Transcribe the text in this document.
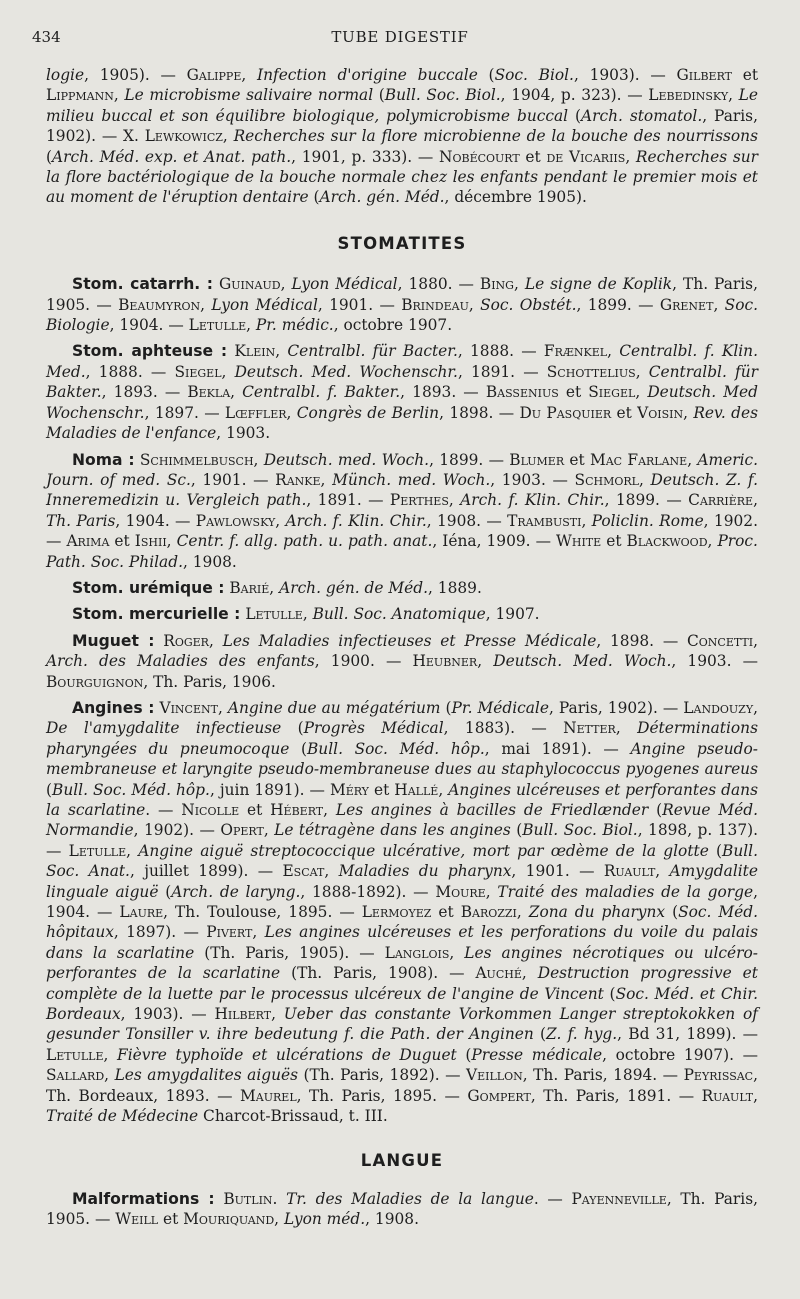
434	TUBE DIGESTIF

logie, 1905). — Galippe, Infection d'origine buccale (Soc. Biol., 1903). — Gilbert et Lippmann, Le microbisme salivaire normal (Bull. Soc. Biol., 1904, p. 323). — Lebedinsky, Le milieu buccal et son équilibre biologique, polymicrobisme buccal (Arch. stomatol., Paris, 1902). — X. Lewkowicz, Recherches sur la flore microbienne de la bouche des nourrissons (Arch. Méd. exp. et Anat. path., 1901, p. 333). — Nobécourt et de Vicariis, Recherches sur la flore bactériologique de la bouche normale chez les enfants pendant le premier mois et au moment de l'éruption dentaire (Arch. gén. Méd., décembre 1905).

STOMATITES

Stom. catarrh. : Guinaud, Lyon Médical, 1880. — Bing, Le signe de Koplik, Th. Paris, 1905. — Beaumyron, Lyon Médical, 1901. — Brindeau, Soc. Obstét., 1899. — Grenet, Soc. Biologie, 1904. — Letulle, Pr. médic., octobre 1907.

Stom. aphteuse : Klein, Centralbl. für Bacter., 1888. — Frænkel, Centralbl. f. Klin. Med., 1888. — Siegel, Deutsch. Med. Wochenschr., 1891. — Schottelius, Centralbl. für Bakter., 1893. — Bekla, Centralbl. f. Bakter., 1893. — Bassenius et Siegel, Deutsch. Med Wochenschr., 1897. — Lœffler, Congrès de Berlin, 1898. — Du Pasquier et Voisin, Rev. des Maladies de l'enfance, 1903.

Noma : Schimmelbusch, Deutsch. med. Woch., 1899. — Blumer et Mac Farlane, Americ. Journ. of med. Sc., 1901. — Ranke, Münch. med. Woch., 1903. — Schmorl, Deutsch. Z. f. Inneremedizin u. Vergleich path., 1891. — Perthes, Arch. f. Klin. Chir., 1899. — Carrière, Th. Paris, 1904. — Pawlowsky, Arch. f. Klin. Chir., 1908. — Trambusti, Policlin. Rome, 1902. — Arima et Ishii, Centr. f. allg. path. u. path. anat., Iéna, 1909. — White et Blackwood, Proc. Path. Soc. Philad., 1908.

Stom. urémique : Barié, Arch. gén. de Méd., 1889.

Stom. mercurielle : Letulle, Bull. Soc. Anatomique, 1907.

Muguet : Roger, Les Maladies infectieuses et Presse Médicale, 1898. — Concetti, Arch. des Maladies des enfants, 1900. — Heubner, Deutsch. Med. Woch., 1903. — Bourguignon, Th. Paris, 1906.

Angines : Vincent, Angine due au mégatérium (Pr. Médicale, Paris, 1902). — Landouzy, De l'amygdalite infectieuse (Progrès Médical, 1883). — Netter, Déterminations pharyngées du pneumocoque (Bull. Soc. Méd. hôp., mai 1891). — Angine pseudo-membraneuse et laryngite pseudo-membraneuse dues au staphylococcus pyogenes aureus (Bull. Soc. Méd. hôp., juin 1891). — Méry et Hallé, Angines ulcéreuses et perforantes dans la scarlatine. — Nicolle et Hébert, Les angines à bacilles de Friedlænder (Revue Méd. Normandie, 1902). — Opert, Le tétragène dans les angines (Bull. Soc. Biol., 1898, p. 137). — Letulle, Angine aiguë streptococcique ulcérative, mort par œdème de la glotte (Bull. Soc. Anat., juillet 1899). — Escat, Maladies du pharynx, 1901. — Ruault, Amygdalite linguale aiguë (Arch. de laryng., 1888-1892). — Moure, Traité des maladies de la gorge, 1904. — Laure, Th. Toulouse, 1895. — Lermoyez et Barozzi, Zona du pharynx (Soc. Méd. hôpitaux, 1897). — Pivert, Les angines ulcéreuses et les perforations du voile du palais dans la scarlatine (Th. Paris, 1905). — Langlois, Les angines nécrotiques ou ulcéro-perforantes de la scarlatine (Th. Paris, 1908). — Auché, Destruction progressive et complète de la luette par le processus ulcéreux de l'angine de Vincent (Soc. Méd. et Chir. Bordeaux, 1903). — Hilbert, Ueber das constante Vorkommen Langer streptokokken of gesunder Tonsiller v. ihre bedeutung f. die Path. der Anginen (Z. f. hyg., Bd 31, 1899). — Letulle, Fièvre typhoïde et ulcérations de Duguet (Presse médicale, octobre 1907). — Sallard, Les amygdalites aiguës (Th. Paris, 1892). — Veillon, Th. Paris, 1894. — Peyrissac, Th. Bordeaux, 1893. — Maurel, Th. Paris, 1895. — Gompert, Th. Paris, 1891. — Ruault, Traité de Médecine Charcot-Brissaud, t. III.

LANGUE

Malformations : Butlin. Tr. des Maladies de la langue. — Payenneville, Th. Paris, 1905. — Weill et Mouriquand, Lyon méd., 1908.
